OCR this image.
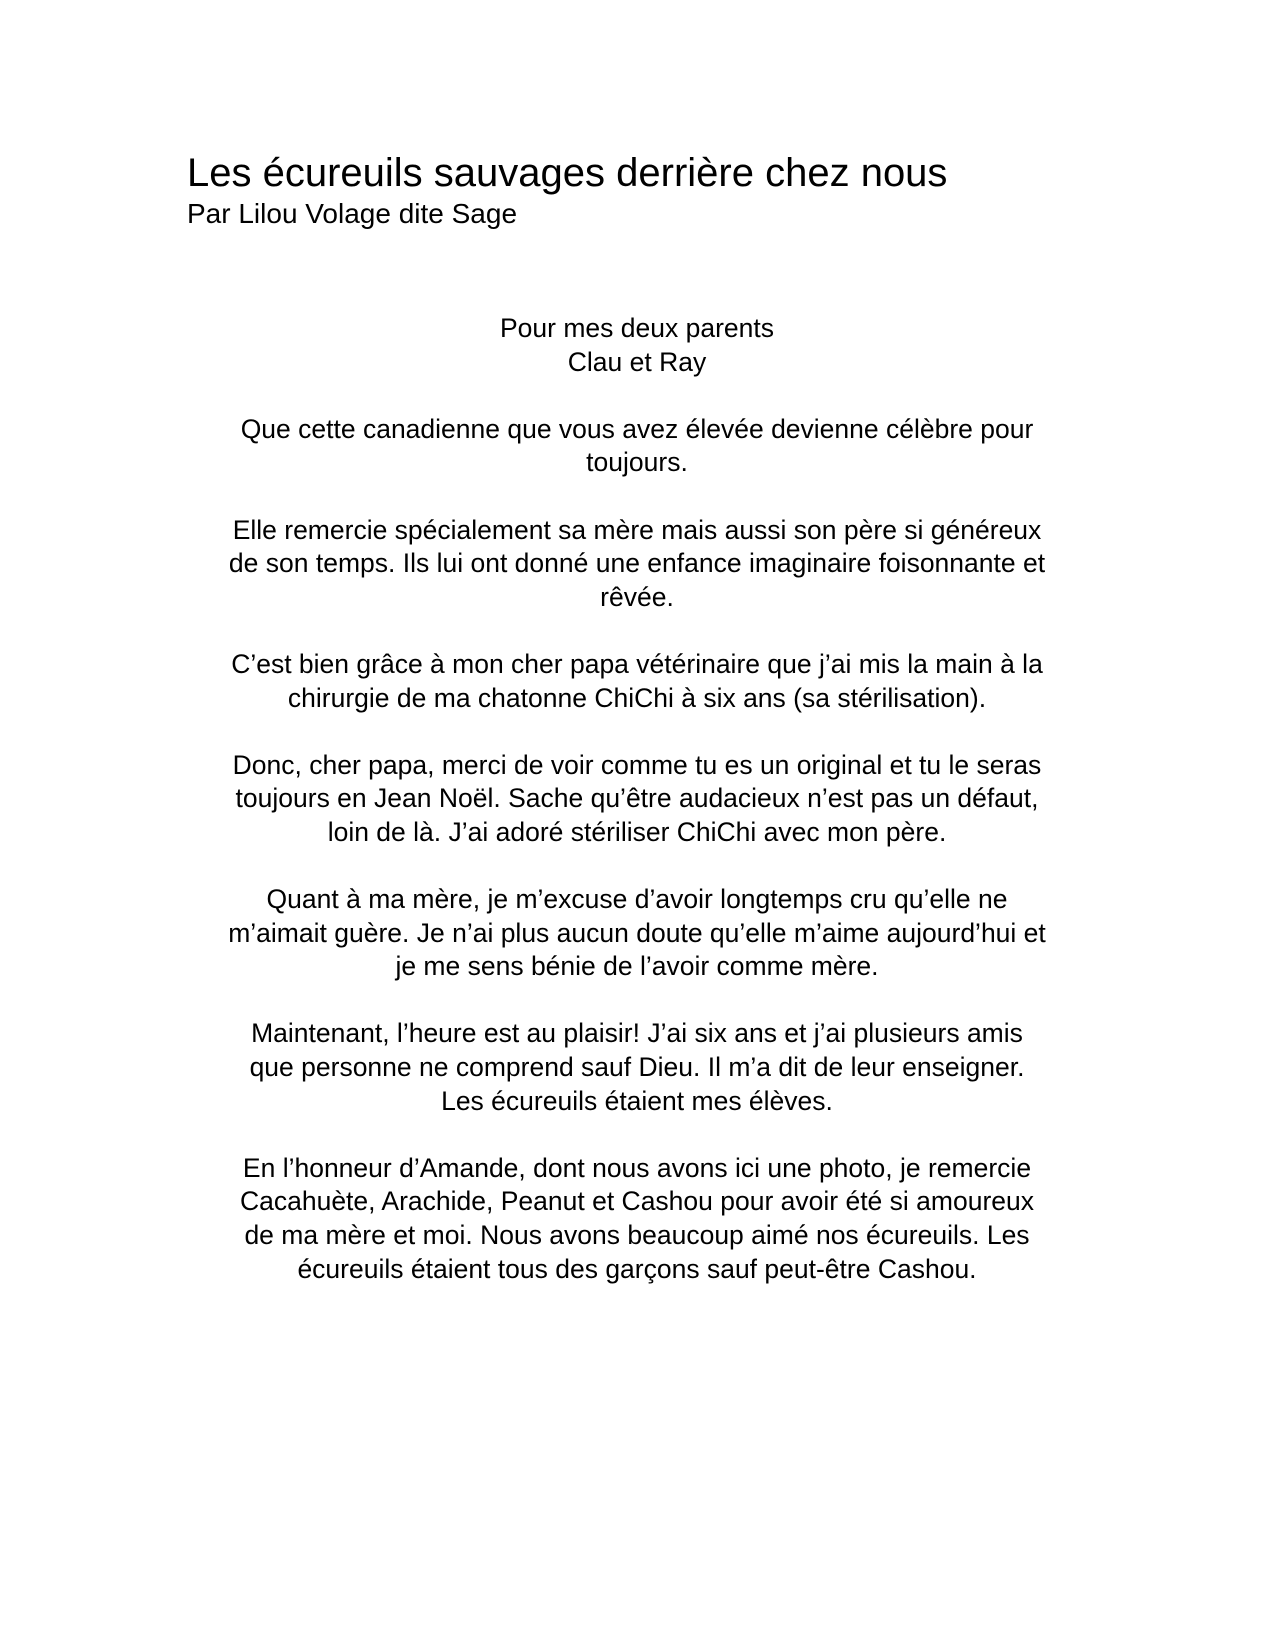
Les écureuils sauvages derrière chez nous

Par Lilou Volage dite Sage

Pour mes deux parents
Clau et Ray

Que cette canadienne que vous avez élevée devienne célèbre pour
toujours.

Elle remercie spécialement sa mère mais aussi son père si généreux
de son temps. Ils lui ont donné une enfance imaginaire foisonnante et
rêvée.

C’est bien grâce à mon cher papa vétérinaire que j’ai mis la main à la
chirurgie de ma chatonne ChiChi à six ans (sa stérilisation).

Donc, cher papa, merci de voir comme tu es un original et tu le seras
toujours en Jean Noël. Sache qu’être audacieux n’est pas un défaut,
loin de là. J’ai adoré stériliser ChiChi avec mon père.

Quant à ma mère, je m’excuse d’avoir longtemps cru qu’elle ne
m’aimait guère. Je n’ai plus aucun doute qu’elle m’aime aujourd’hui et
je me sens bénie de l’avoir comme mère.

Maintenant, l’heure est au plaisir! J’ai six ans et j’ai plusieurs amis
que personne ne comprend sauf Dieu. Il m’a dit de leur enseigner.
Les écureuils étaient mes élèves.

En l’honneur d’Amande, dont nous avons ici une photo, je remercie
Cacahuète, Arachide, Peanut et Cashou pour avoir été si amoureux
de ma mère et moi. Nous avons beaucoup aimé nos écureuils. Les
écureuils étaient tous des garçons sauf peut-être Cashou.
